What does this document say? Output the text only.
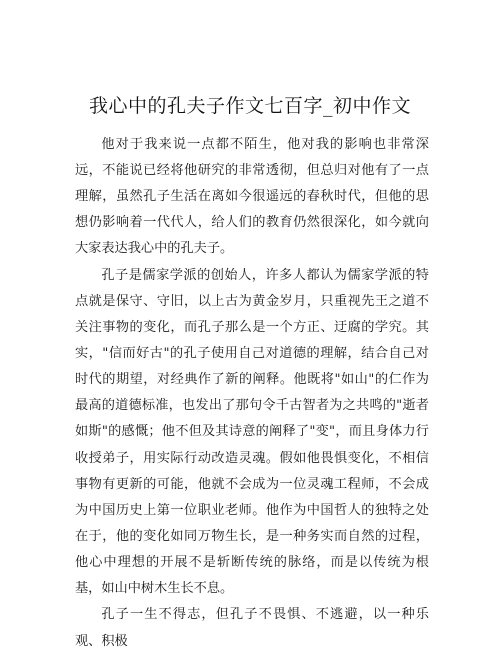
我心中的孔夫子作文七百字_初中作文

他对于我来说一点都不陌生，他对我的影响也非常深远，不能说已经将他研究的非常透彻，但总归对他有了一点理解，虽然孔子生活在离如今很遥远的春秋时代，但他的思想仍影响着一代代人，给人们的教育仍然很深化，如今就向大家表达我心中的孔夫子。

孔子是儒家学派的创始人，许多人都认为儒家学派的特点就是保守、守旧，以上古为黄金岁月，只重视先王之道不关注事物的变化，而孔子那么是一个方正、迂腐的学究。其实，"信而好古"的孔子使用自己对道德的理解，结合自己对时代的期望，对经典作了新的阐释。他既将"如山"的仁作为最高的道德标准，也发出了那句令千古智者为之共鸣的"逝者如斯"的感慨；他不但及其诗意的阐释了"变"，而且身体力行收授弟子，用实际行动改造灵魂。假如他畏惧变化，不相信事物有更新的可能，他就不会成为一位灵魂工程师，不会成为中国历史上第一位职业老师。他作为中国哲人的独特之处在于，他的变化如同万物生长，是一种务实而自然的过程，他心中理想的开展不是斩断传统的脉络，而是以传统为根基，如山中树木生长不息。

孔子一生不得志，但孔子不畏惧、不逃避，以一种乐观、积极
